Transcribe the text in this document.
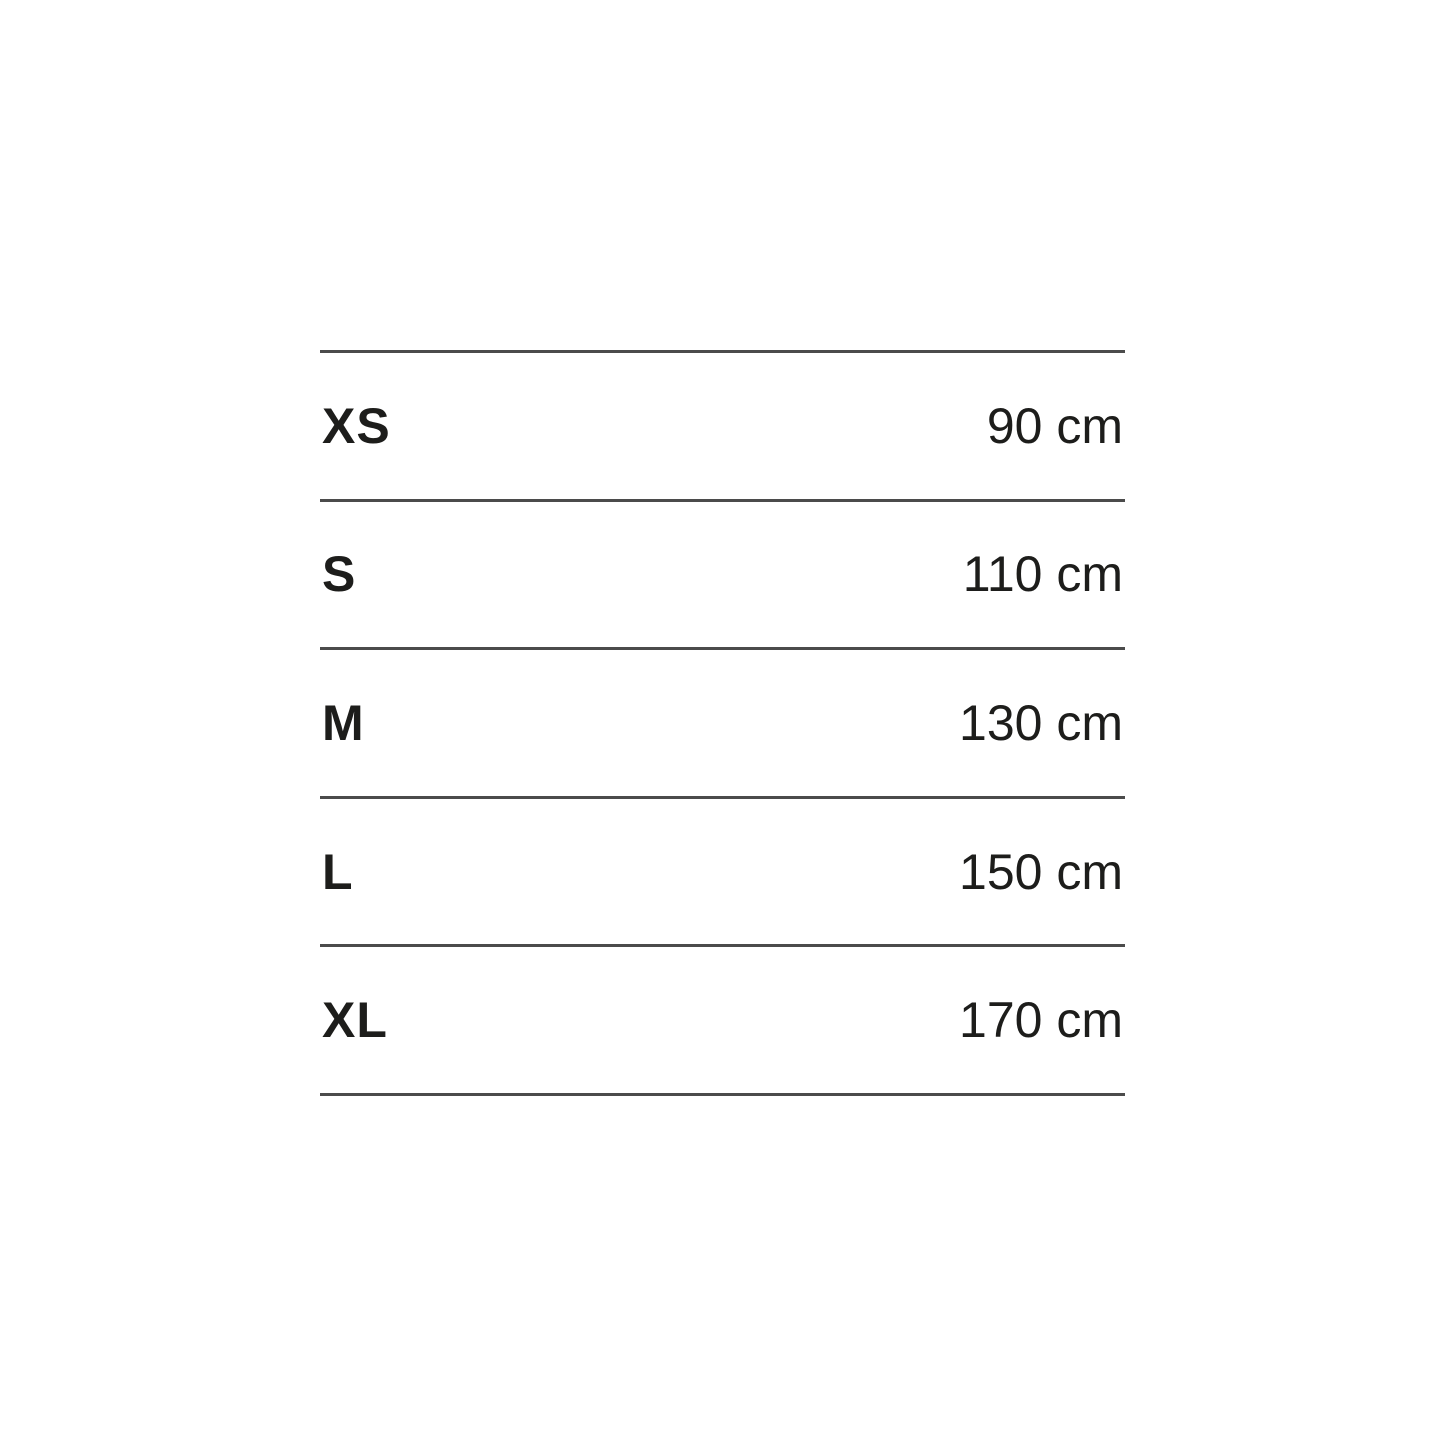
XS	90 cm
S	110 cm
M	130 cm
L	150 cm
XL	170 cm
